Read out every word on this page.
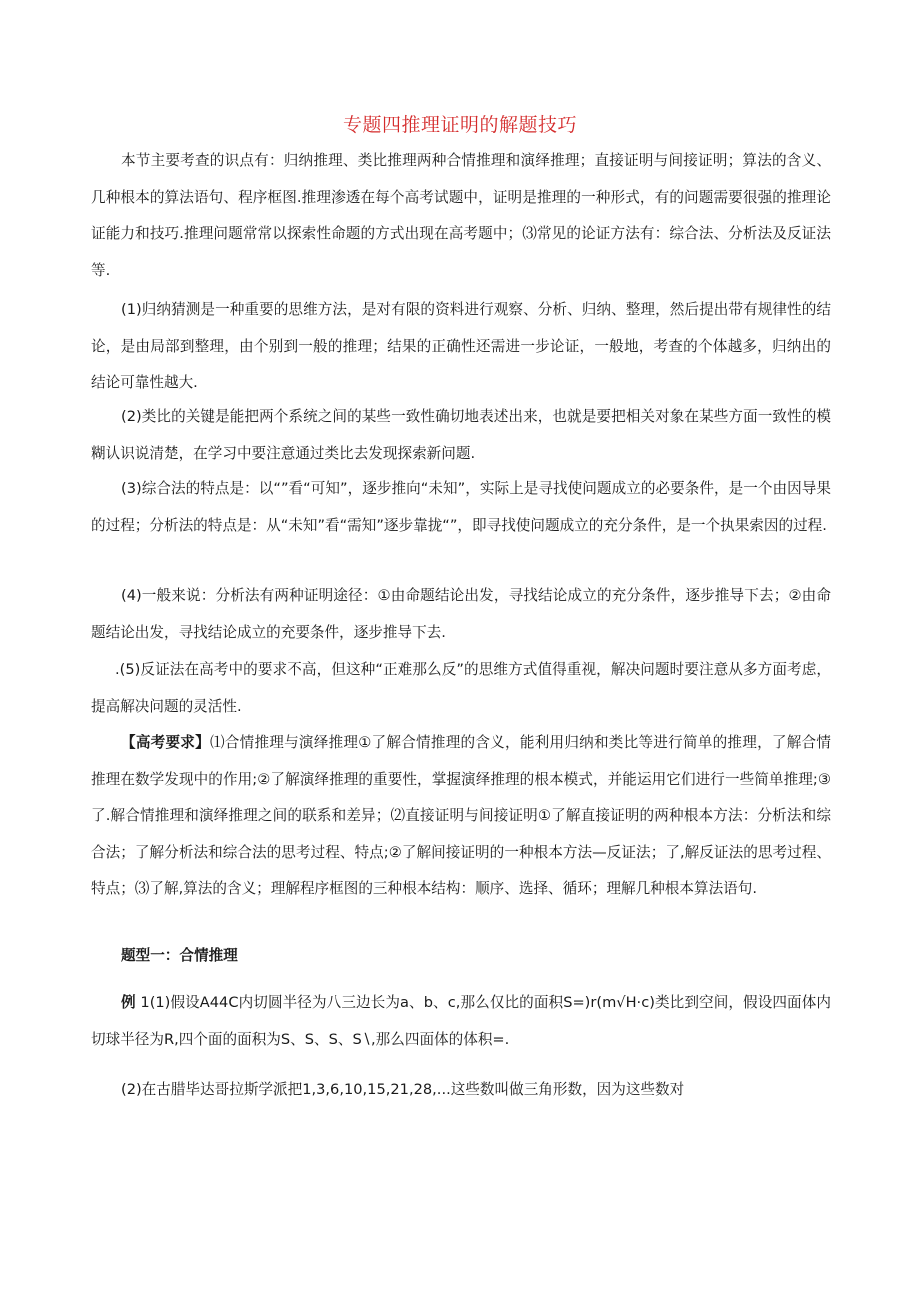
专题四推理证明的解题技巧

本节主要考查的识点有：归纳推理、类比推理两种合情推理和演绎推理；直接证明与间接证明；算法的含义、几种根本的算法语句、程序框图.推理渗透在每个高考试题中，证明是推理的一种形式，有的问题需要很强的推理论证能力和技巧.推理问题常常以探索性命题的方式出现在高考题中；⑶常见的论证方法有：综合法、分析法及反证法等.

(1)归纳猜测是一种重要的思维方法，是对有限的资料进行观察、分析、归纳、整理，然后提出带有规律性的结论，是由局部到整理，由个别到一般的推理；结果的正确性还需进一步论证，一般地，考查的个体越多，归纳出的结论可靠性越大.

(2)类比的关键是能把两个系统之间的某些一致性确切地表述出来，也就是要把相关对象在某些方面一致性的模糊认识说清楚，在学习中要注意通过类比去发现探索新问题.

(3)综合法的特点是：以“”看“可知”，逐步推向“未知”，实际上是寻找使问题成立的必要条件，是一个由因导果的过程；分析法的特点是：从“未知”看“需知”逐步靠拢“”，即寻找使问题成立的充分条件，是一个执果索因的过程.

(4)一般来说：分析法有两种证明途径：①由命题结论出发，寻找结论成立的充分条件，逐步推导下去；②由命题结论出发，寻找结论成立的充要条件，逐步推导下去.

.(5)反证法在高考中的要求不高，但这种“正难那么反”的思维方式值得重视，解决问题时要注意从多方面考虑，提高解决问题的灵活性.

【高考要求】⑴合情推理与演绎推理①了解合情推理的含义，能利用归纳和类比等进行简单的推理，了解合情推理在数学发现中的作用;②了解演绎推理的重要性，掌握演绎推理的根本模式，并能运用它们进行一些简单推理;③了.解合情推理和演绎推理之间的联系和差异；⑵直接证明与间接证明①了解直接证明的两种根本方法：分析法和综合法；了解分析法和综合法的思考过程、特点;②了解间接证明的一种根本方法—反证法；了,解反证法的思考过程、特点；⑶了解,算法的含义；理解程序框图的三种根本结构：顺序、选择、循环；理解几种根本算法语句.

题型一：合情推理

例 1(1)假设A44C内切圆半径为八三边长为a、b、c,那么仅比的面积S=)r(m√H·c)类比到空间，假设四面体内切球半径为R,四个面的面积为S、S、S、S∖,那么四面体的体积=.

(2)在古腊毕达哥拉斯学派把1,3,6,10,15,21,28,...这些数叫做三角形数，因为这些数对
